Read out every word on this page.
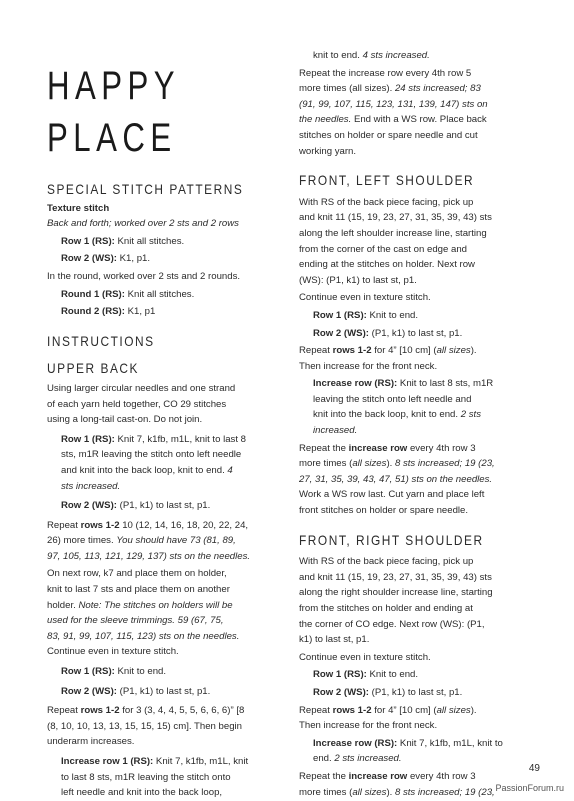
HAPPY
PLACE
SPECIAL STITCH PATTERNS

Texture stitch

Back and forth; worked over 2 sts and 2 rows

Row 1 (RS): Knit all stitches.

Row 2 (WS): K1, p1.

In the round, worked over 2 sts and 2 rounds.

Round 1 (RS): Knit all stitches.

Round 2 (RS): K1, p1

INSTRUCTIONS
UPPER BACK

Using larger circular needles and one strand

of each yarn held together, CO 29 stitches

using a long-tail cast-on. Do not join.

Row 1 (RS): Knit 7, k1fb, m1L, knit to last 8

sts, m1R leaving the stitch onto left needle

and knit into the back loop, knit to end. 4

sts increased.

Row 2 (WS): (P1, k1) to last st, p1.

Repeat rows 1-2 10 (12, 14, 16, 18, 20, 22, 24,

26) more times. You should have 73 (81, 89,

97, 105, 113, 121, 129, 137) sts on the needles.

On next row, k7 and place them on holder,

knit to last 7 sts and place them on another

holder. Note: The stitches on holders will be

used for the sleeve trimmings. 59 (67, 75,

83, 91, 99, 107, 115, 123) sts on the needles.

Continue even in texture stitch.

Row 1 (RS): Knit to end.

Row 2 (WS): (P1, k1) to last st, p1.

Repeat rows 1-2 for 3 (3, 4, 4, 5, 5, 6, 6, 6)” [8

(8, 10, 10, 13, 13, 15, 15, 15) cm]. Then begin

underarm increases.

Increase row 1 (RS): Knit 7, k1fb, m1L, knit

to last 8 sts, m1R leaving the stitch onto

left needle and knit into the back loop,

knit to end. 4 sts increased.

Repeat the increase row every 4th row 5

more times (all sizes). 24 sts increased; 83

(91, 99, 107, 115, 123, 131, 139, 147) sts on

the needles. End with a WS row. Place back

stitches on holder or spare needle and cut

working yarn.

FRONT, LEFT SHOULDER

With RS of the back piece facing, pick up

and knit 11 (15, 19, 23, 27, 31, 35, 39, 43) sts

along the left shoulder increase line, starting

from the corner of the cast on edge and

ending at the stitches on holder. Next row

(WS): (P1, k1) to last st, p1.

Continue even in texture stitch.

Row 1 (RS): Knit to end.

Row 2 (WS): (P1, k1) to last st, p1.

Repeat rows 1-2 for 4” [10 cm] (all sizes).

Then increase for the front neck.

Increase row (RS): Knit to last 8 sts, m1R

leaving the stitch onto left needle and

knit into the back loop, knit to end. 2 sts

increased.

Repeat the increase row every 4th row 3

more times (all sizes). 8 sts increased; 19 (23,

27, 31, 35, 39, 43, 47, 51) sts on the needles.

Work a WS row last. Cut yarn and place left

front stitches on holder or spare needle.

FRONT, RIGHT SHOULDER

With RS of the back piece facing, pick up

and knit 11 (15, 19, 23, 27, 31, 35, 39, 43) sts

along the right shoulder increase line, starting

from the stitches on holder and ending at

the corner of CO edge. Next row (WS): (P1,

k1) to last st, p1.

Continue even in texture stitch.

Row 1 (RS): Knit to end.

Row 2 (WS): (P1, k1) to last st, p1.

Repeat rows 1-2 for 4” [10 cm] (all sizes).

Then increase for the front neck.

Increase row (RS): Knit 7, k1fb, m1L, knit to

end. 2 sts increased.

Repeat the increase row every 4th row 3

more times (all sizes). 8 sts increased; 19 (23,

49
PassionForum.ru
